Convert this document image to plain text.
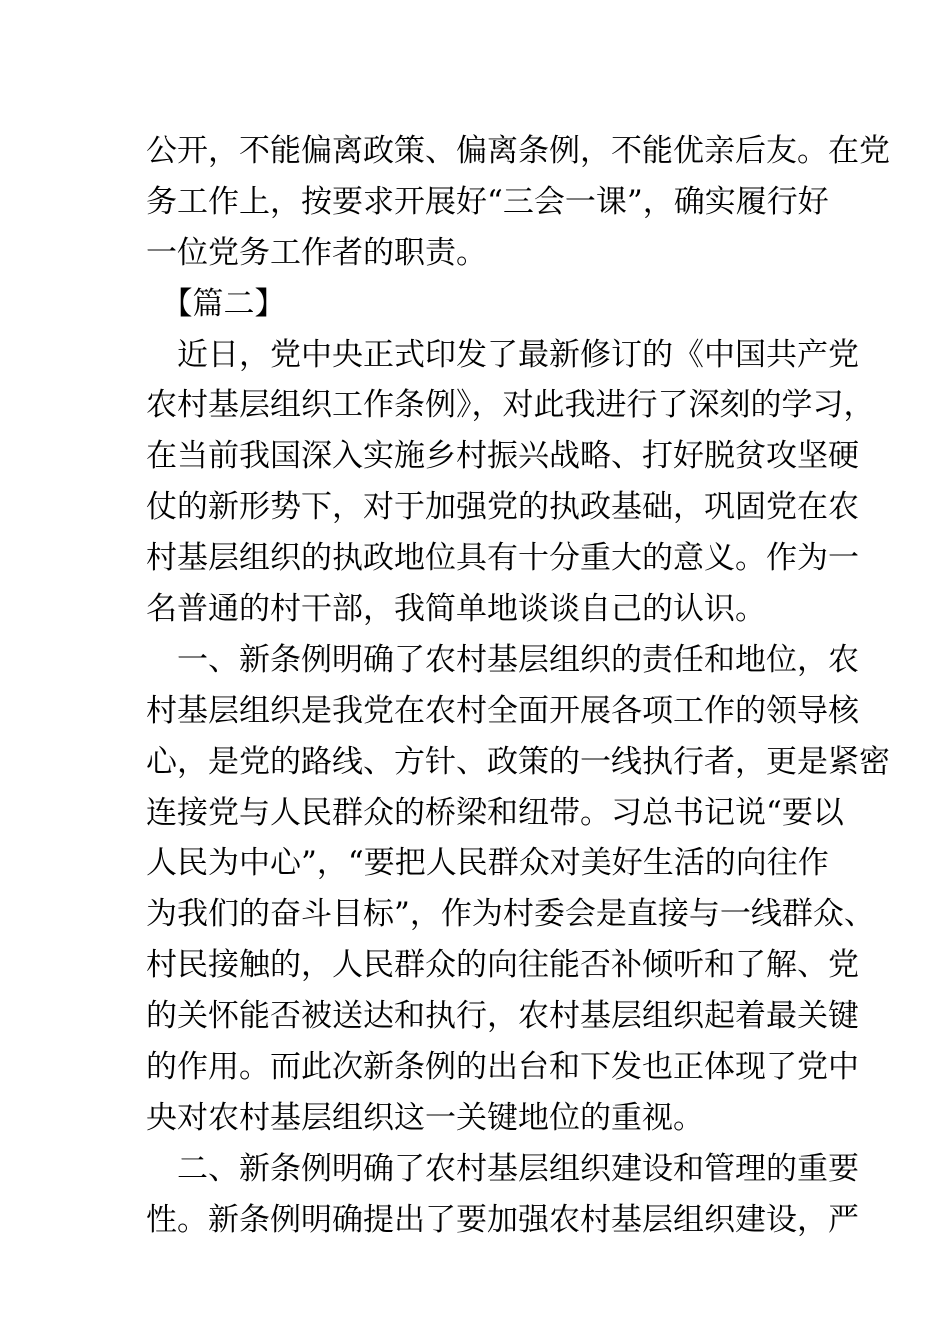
公开，不能偏离政策、偏离条例，不能优亲后友。在党
务工作上，按要求开展好“三会一课”，确实履行好
一位党务工作者的职责。
　【篇二】
　近日，党中央正式印发了最新修订的《中国共产党
农村基层组织工作条例》，对此我进行了深刻的学习，
在当前我国深入实施乡村振兴战略、打好脱贫攻坚硬
仗的新形势下，对于加强党的执政基础，巩固党在农
村基层组织的执政地位具有十分重大的意义。作为一
名普通的村干部，我简单地谈谈自己的认识。
　一、新条例明确了农村基层组织的责任和地位，农
村基层组织是我党在农村全面开展各项工作的领导核
心，是党的路线、方针、政策的一线执行者，更是紧密
连接党与人民群众的桥梁和纽带。习总书记说“要以
人民为中心”，“要把人民群众对美好生活的向往作
为我们的奋斗目标”，作为村委会是直接与一线群众、
村民接触的，人民群众的向往能否补倾听和了解、党
的关怀能否被送达和执行，农村基层组织起着最关键
的作用。而此次新条例的出台和下发也正体现了党中
央对农村基层组织这一关键地位的重视。
　二、新条例明确了农村基层组织建设和管理的重要
性。新条例明确提出了要加强农村基层组织建设，严
